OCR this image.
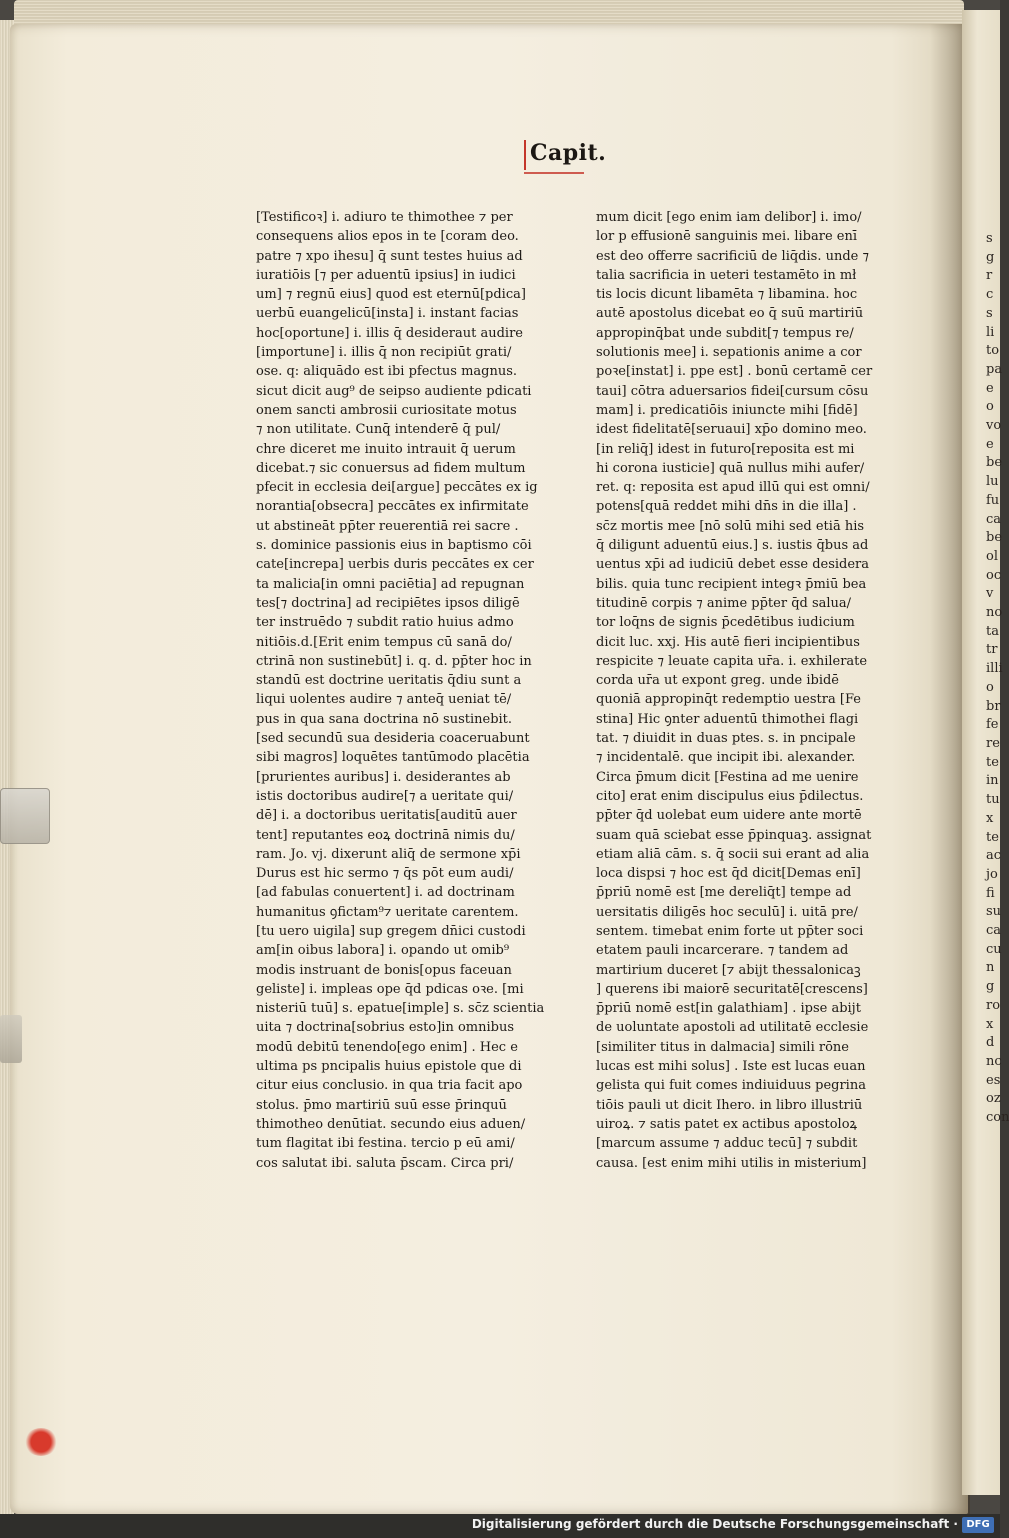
s
g
r
c
s
li
to
pa
e
o
vo
e
be
lu
fu
ca
be
ol
oc
v
no
ta
tr
illi
o
br
fe
re
te
in
tu
x
te
ac
jo
fi
su
ca
cu
n
g
ro
x
d
nc
es
oz
con
Capit.
[Testificoꝛ] i. adiuro te thimothee ⁊ per
consequens alios epos in te [coram deo.
patre ⁊ xpo ihesu] q̄ sunt testes huius ad
iuratiōis [⁊ per aduentū ipsius] in iudici
um] ⁊ regnū eius] quod est eternū[pdica]
uerbū euangelicū[insta] i. instant facias
hoc[oportune] i. illis q̄ desideraut audire
[importune] i. illis q̄ non recipiūt grati/
ose. q: aliquādo est ibi pfectus magnus.
sicut dicit aug⁹ de seipso audiente pdicati
onem sancti ambrosii curiositate motus
⁊ non utilitate. Cunq̄ intenderē q̄ pul/
chre diceret me inuito intrauit q̄ uerum
dicebat.⁊ sic conuersus ad fidem multum
pfecit in ecclesia dei[argue] peccātes ex ig
norantia[obsecra] peccātes ex infirmitate
ut abstineāt pp̄ter reuerentiā rei sacre .
s. dominice passionis eius in baptismo cōi
cate[increpa] uerbis duris peccātes ex cer
ta malicia[in omni paciētia] ad repugnan
tes[⁊ doctrina] ad recipiētes ipsos diligē
ter instruēdo ⁊ subdit ratio huius admo
nitiōis.d.[Erit enim tempus cū sanā do/
ctrinā non sustinebūt] i. q. d. pp̄ter hoc in
standū est doctrine ueritatis q̄diu sunt a
liqui uolentes audire ⁊ anteq̄ ueniat tē/
pus in qua sana doctrina nō sustinebit.
[sed secundū sua desideria coaceruabunt
sibi magros] loquētes tantūmodo placētia
[prurientes auribus] i. desiderantes ab
istis doctoribus audire[⁊ a ueritate qui/
dē] i. a doctoribus ueritatis[auditū auer
tent] reputantes eoꝝ doctrinā nimis du/
ram. Jo. vj. dixerunt aliq̄ de sermone xp̄i
Durus est hic sermo ⁊ q̄s pōt eum audi/
[ad fabulas conuertent] i. ad doctrinam
humanitus ꝯfictam⁹⁊ ueritate carentem.
[tu uero uigila] sup gregem dn̄ici custodi
am[in oibus labora] i. opando ut omib⁹
modis instruant de bonis[opus faceuan
geliste] i. impleas ope q̄d pdicas oꝛe. [mi
nisteriū tuū] s. epatue[imple] s. sc̄z scientia
uita ⁊ doctrina[sobrius esto]in omnibus
modū debitū tenendo[ego enim] . Hec e
ultima ps pncipalis huius epistole que di
citur eius conclusio. in qua tria facit apo
stolus. p̄mo martiriū suū esse p̄rinquū
thimotheo denūtiat. secundo eius aduen/
tum flagitat ibi festina. tercio p eū ami/
cos salutat ibi. saluta p̄scam. Circa pri/
mum dicit [ego enim iam delibor] i. imo/
lor p effusionē sanguinis mei. libare enī
est deo offerre sacrificiū de liq̄dis. unde ⁊
talia sacrificia in ueteri testamēto in mł
tis locis dicunt libamēta ⁊ libamina. hoc
autē apostolus dicebat eo q̄ suū martiriū
appropinq̄bat unde subdit[⁊ tempus re/
solutionis mee] i. sepationis anime a cor
poꝛe[instat] i. ppe est] . bonū certamē cer
taui] cōtra aduersarios fidei[cursum cōsu
mam] i. predicatiōis iniuncte mihi [fidē]
idest fidelitatē[seruaui] xp̄o domino meo.
[in reliq̄] idest in futuro[reposita est mi
hi corona iusticie] quā nullus mihi aufer/
ret. q: reposita est apud illū qui est omni/
potens[quā reddet mihi dn̄s in die illa] .
sc̄z mortis mee [nō solū mihi sed etiā his
q̄ diligunt aduentū eius.] s. iustis q̄bus ad
uentus xp̄i ad iudiciū debet esse desidera
bilis. quia tunc recipient integꝛ p̄miū bea
titudinē corpis ⁊ anime pp̄ter q̄d salua/
tor loq̄ns de signis p̄cedētibus iudicium
dicit luc. xxj. His autē fieri incipientibus
respicite ⁊ leuate capita ur̄a. i. exhilerate
corda ur̄a ut expont greg. unde ibidē
quoniā appropinq̄t redemptio uestra [Fe
stina] Hic ꝯnter aduentū thimothei flagi
tat. ⁊ diuidit in duas ptes. s. in pncipale
⁊ incidentalē. que incipit ibi. alexander.
Circa p̄mum dicit [Festina ad me uenire
cito] erat enim discipulus eius p̄dilectus.
pp̄ter q̄d uolebat eum uidere ante mortē
suam quā sciebat esse p̄pinquaꝫ. assignat
etiam aliā cām. s. q̄ socii sui erant ad alia
loca dispsi ⁊ hoc est q̄d dicit[Demas enī]
p̄priū nomē est [me dereliq̄t] tempe ad
uersitatis diligēs hoc seculū] i. uitā pre/
sentem. timebat enim forte ut pp̄ter soci
etatem pauli incarcerare. ⁊ tandem ad
martirium duceret [⁊ abijt thessalonicaꝫ
] querens ibi maiorē securitatē[crescens]
p̄priū nomē est[in galathiam] . ipse abijt
de uoluntate apostoli ad utilitatē ecclesie
[similiter titus in dalmacia] simili rōne
lucas est mihi solus] . Iste est lucas euan
gelista qui fuit comes indiuiduus pegrina
tiōis pauli ut dicit Ihero. in libro illustriū
uiroꝝ. ⁊ satis patet ex actibus apostoloꝝ
[marcum assume ⁊ adduc tecū] ⁊ subdit
causa. [est enim mihi utilis in misterium]
Digitalisierung gefördert durch die Deutsche Forschungsgemeinschaft · DFG
